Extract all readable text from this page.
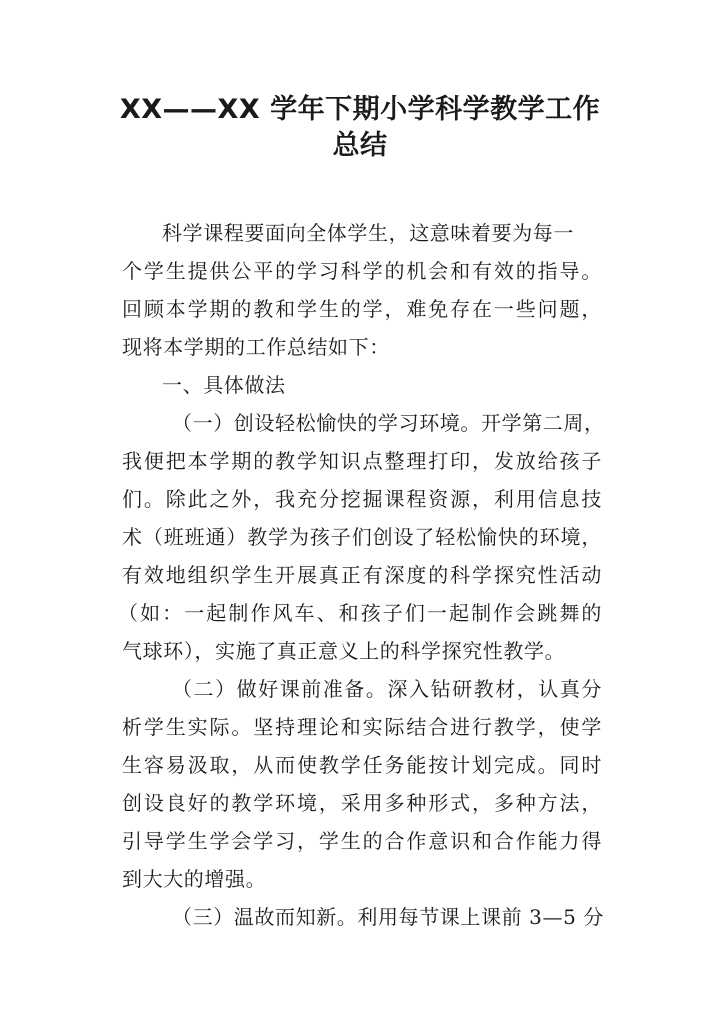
XX——XX 学年下期小学科学教学工作
总结
科学课程要面向全体学生，这意味着要为每一
个学生提供公平的学习科学的机会和有效的指导。
回顾本学期的教和学生的学，难免存在一些问题，
现将本学期的工作总结如下：
一、具体做法
（一）创设轻松愉快的学习环境。开学第二周，
我便把本学期的教学知识点整理打印，发放给孩子
们。除此之外，我充分挖掘课程资源，利用信息技
术（班班通）教学为孩子们创设了轻松愉快的环境，
有效地组织学生开展真正有深度的科学探究性活动
（如：一起制作风车、和孩子们一起制作会跳舞的
气球环），实施了真正意义上的科学探究性教学。
（二）做好课前准备。深入钻研教材，认真分
析学生实际。坚持理论和实际结合进行教学，使学
生容易汲取，从而使教学任务能按计划完成。同时
创设良好的教学环境，采用多种形式，多种方法，
引导学生学会学习，学生的合作意识和合作能力得
到大大的增强。
（三）温故而知新。利用每节课上课前 3—5 分
